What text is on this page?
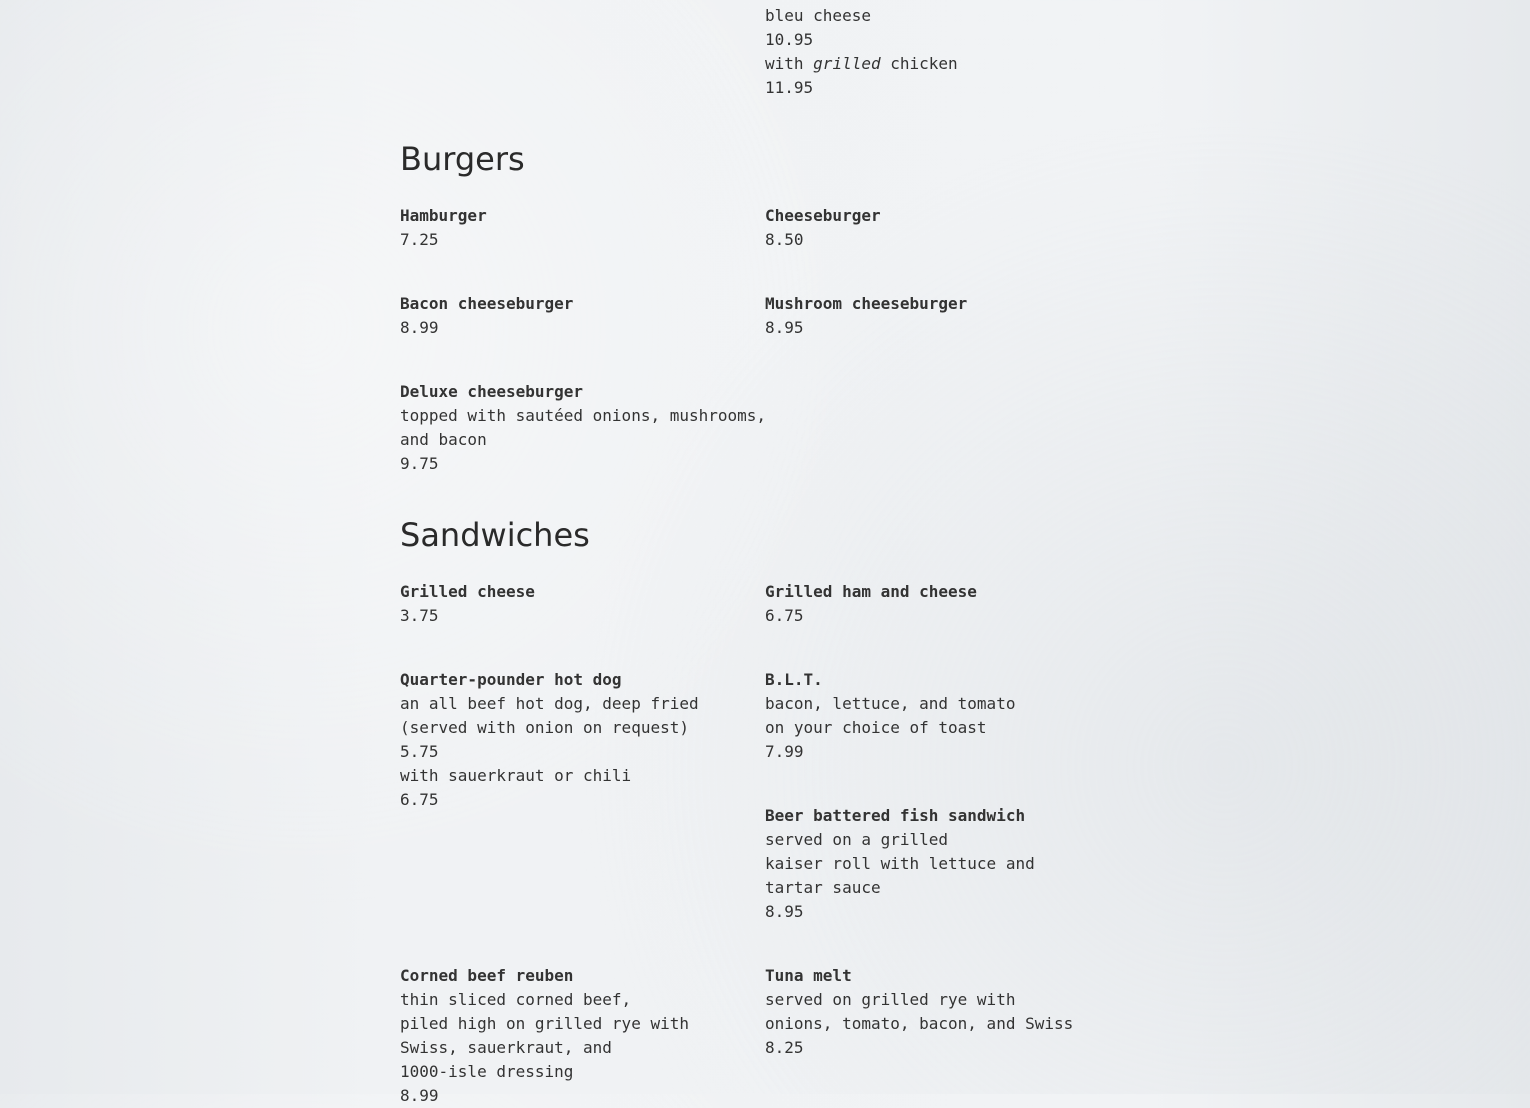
bleu cheese
10.95
with grilled chicken
11.95
Burgers
Hamburger
7.25
Cheeseburger
8.50
Bacon cheeseburger
8.99
Mushroom cheeseburger
8.95
Deluxe cheeseburger
topped with sautéed onions, mushrooms,
and bacon
9.75
Sandwiches
Grilled cheese
3.75
Grilled ham and cheese
6.75
Quarter-pounder hot dog
an all beef hot dog, deep fried
(served with onion on request)
5.75
with sauerkraut or chili
6.75
B.L.T.
bacon, lettuce, and tomato
on your choice of toast
7.99
Beer battered fish sandwich
served on a grilled
kaiser roll with lettuce and
tartar sauce
8.95
Corned beef reuben
thin sliced corned beef,
piled high on grilled rye with
Swiss, sauerkraut, and
1000-isle dressing
8.99
Tuna melt
served on grilled rye with
onions, tomato, bacon, and Swiss
8.25
